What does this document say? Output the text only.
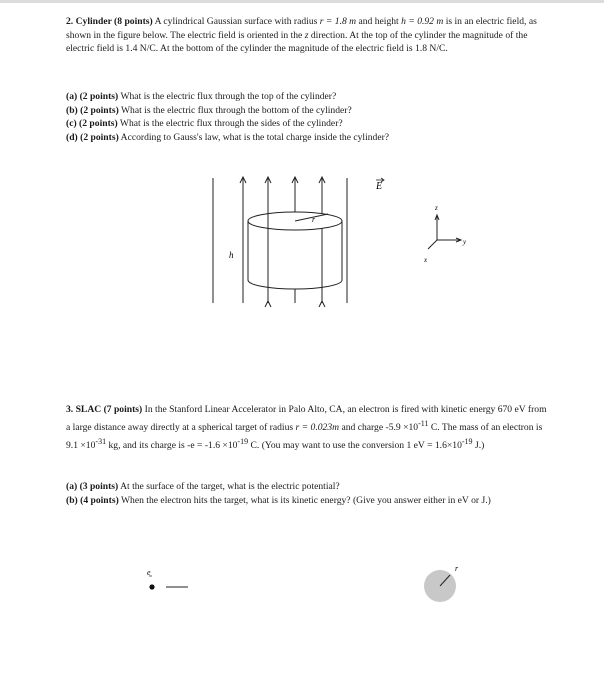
2. Cylinder (8 points) A cylindrical Gaussian surface with radius r = 1.8 m and height h = 0.92 m is in an electric field, as shown in the figure below. The electric field is oriented in the z direction. At the top of the cylinder the magnitude of the electric field is 1.4 N/C. At the bottom of the cylinder the magnitude of the electric field is 1.8 N/C.

(a) (2 points) What is the electric flux through the top of the cylinder?

(b) (2 points) What is the electric flux through the bottom of the cylinder?

(c) (2 points) What is the electric flux through the sides of the cylinder?

(d) (2 points) According to Gauss's law, what is the total charge inside the cylinder?

E
h
r
z
y
x

3. SLAC (7 points) In the Stanford Linear Accelerator in Palo Alto, CA, an electron is fired with kinetic energy 670 eV from a large distance away directly at a spherical target of radius r = 0.023m and charge $-5.9 \times 10^{-11}$ C. The mass of an electron is $9.1 \times 10^{-31}$ kg, and its charge is $-e = -1.6 \times 10^{-19}$ C. (You may want to use the conversion 1 eV = $1.6\times 10^{-19}$ J.)

(a) (3 points) At the surface of the target, what is the electric potential?

(b) (4 points) When the electron hits the target, what is its kinetic energy? (Give you answer either in eV or J.)

e	r
